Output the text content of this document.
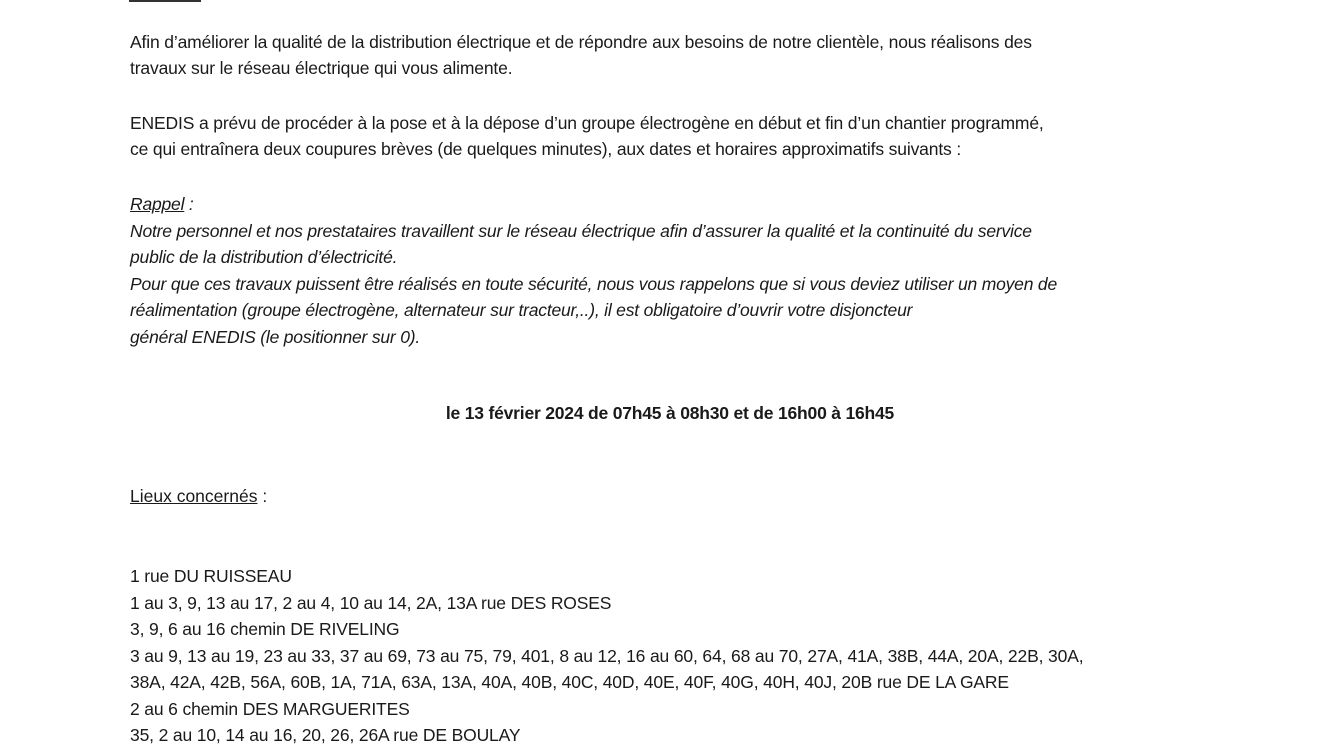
Afin d’améliorer la qualité de la distribution électrique et de répondre aux besoins de notre clientèle, nous réalisons des
travaux sur le réseau électrique qui vous alimente.

ENEDIS a prévu de procéder à la pose et à la dépose d’un groupe électrogène en début et fin d’un chantier programmé,
ce qui entraînera deux coupures brèves (de quelques minutes), aux dates et horaires approximatifs suivants :

Rappel :
Notre personnel et nos prestataires travaillent sur le réseau électrique afin d’assurer la qualité et la continuité du service
public de la distribution d’électricité.
Pour que ces travaux puissent être réalisés en toute sécurité, nous vous rappelons que si vous deviez utiliser un moyen de
réalimentation (groupe électrogène, alternateur sur tracteur,..), il est obligatoire d’ouvrir votre disjoncteur
général ENEDIS (le positionner sur 0).
le 13 février 2024 de 07h45 à 08h30 et de 16h00 à 16h45
Lieux concernés :
1 rue DU RUISSEAU
1 au 3, 9, 13 au 17, 2 au 4, 10 au 14, 2A, 13A rue DES ROSES
3, 9, 6 au 16 chemin DE RIVELING
3 au 9, 13 au 19, 23 au 33, 37 au 69, 73 au 75, 79, 401, 8 au 12, 16 au 60, 64, 68 au 70, 27A, 41A, 38B, 44A, 20A, 22B, 30A,
38A, 42A, 42B, 56A, 60B, 1A, 71A, 63A, 13A, 40A, 40B, 40C, 40D, 40E, 40F, 40G, 40H, 40J, 20B rue DE LA GARE
2 au 6 chemin DES MARGUERITES
35, 2 au 10, 14 au 16, 20, 26, 26A rue DE BOULAY
